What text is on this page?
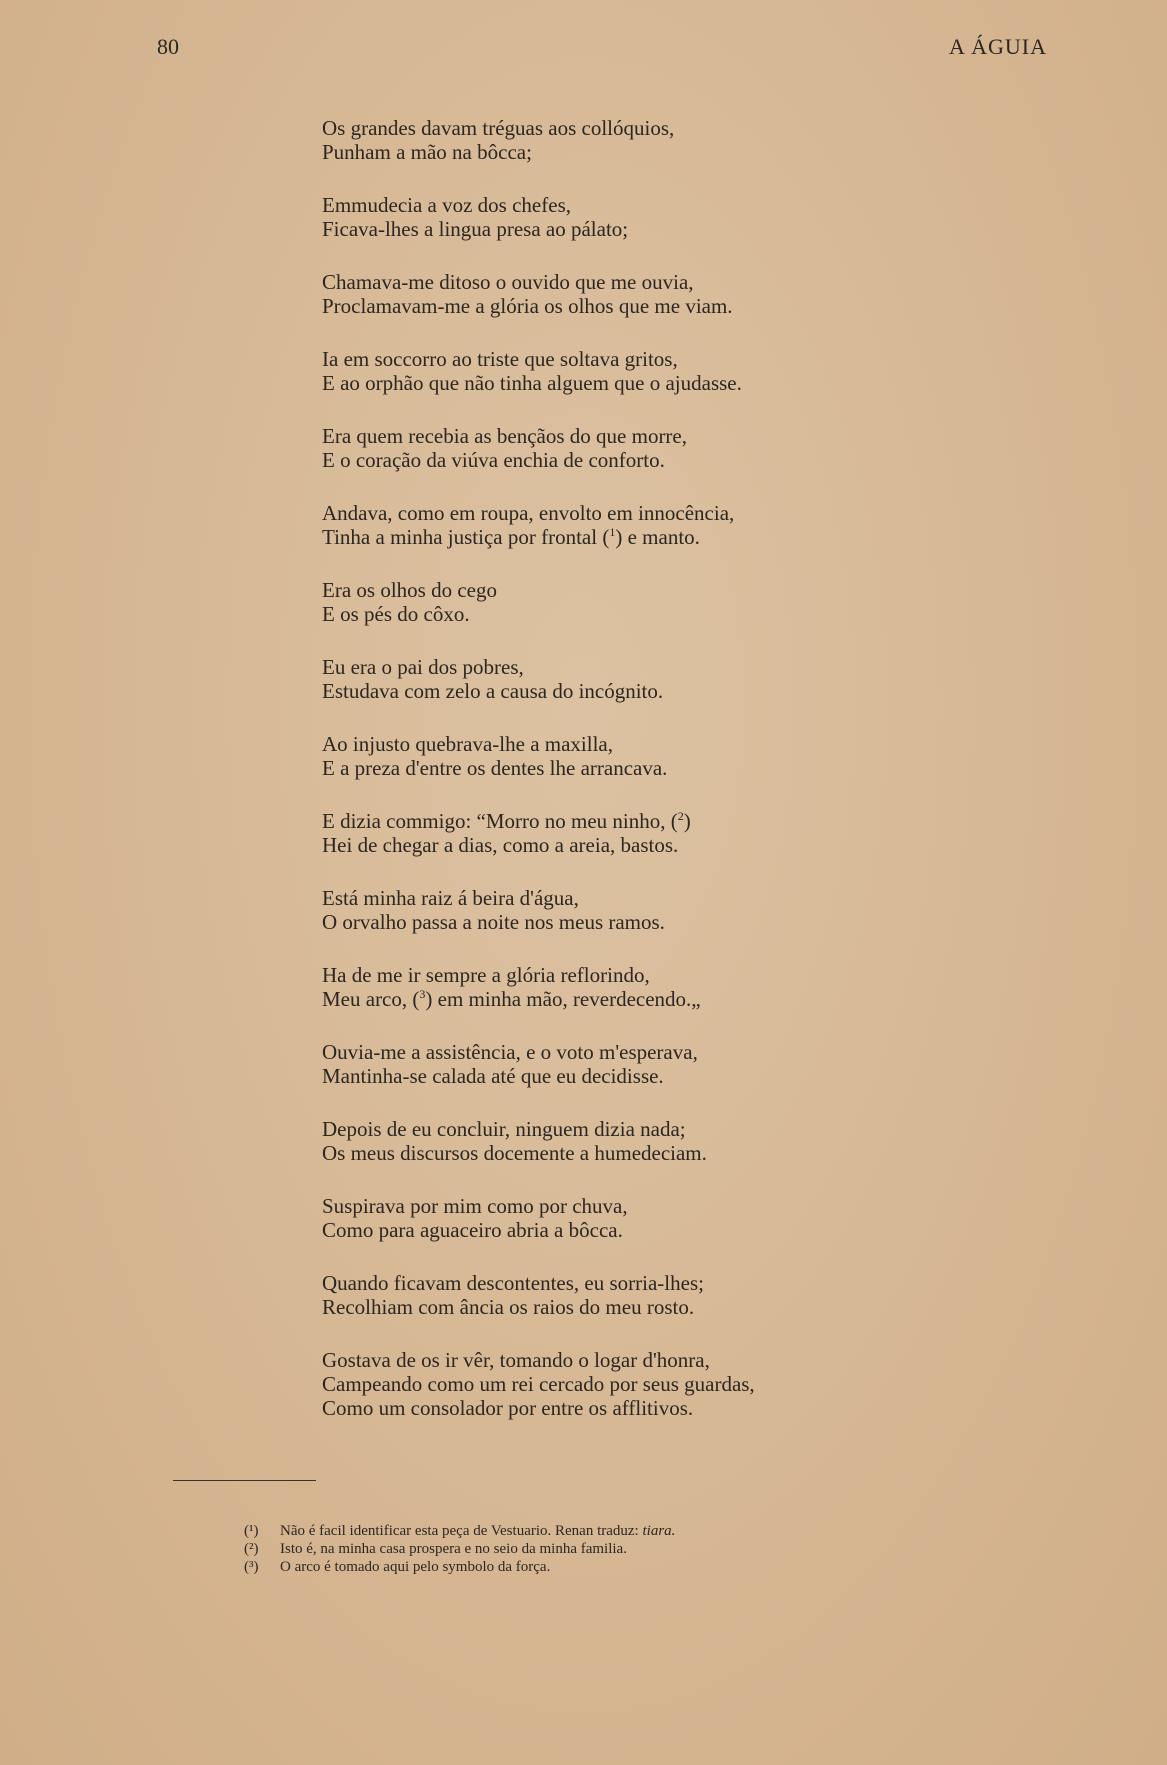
80	A ÁGUIA
Os grandes davam tréguas aos collóquios,
Punham a mão na bôcca;
Emmudecia a voz dos chefes,
Ficava-lhes a lingua presa ao pálato;
Chamava-me ditoso o ouvido que me ouvia,
Proclamavam-me a glória os olhos que me viam.
Ia em soccorro ao triste que soltava gritos,
E ao orphão que não tinha alguem que o ajudasse.
Era quem recebia as bençãos do que morre,
E o coração da viúva enchia de conforto.
Andava, como em roupa, envolto em innocência,
Tinha a minha justiça por frontal ($^1$) e manto.
Era os olhos do cego
E os pés do côxo.
Eu era o pai dos pobres,
Estudava com zelo a causa do incógnito.
Ao injusto quebrava-lhe a maxilla,
E a preza d'entre os dentes lhe arrancava.
E dizia commigo: “Morro no meu ninho, ($^2$)
Hei de chegar a dias, como a areia, bastos.
Está minha raiz á beira d'água,
O orvalho passa a noite nos meus ramos.
Ha de me ir sempre a glória reflorindo,
Meu arco, ($^3$) em minha mão, reverdecendo.„
Ouvia-me a assistência, e o voto m'esperava,
Mantinha-se calada até que eu decidisse.
Depois de eu concluir, ninguem dizia nada;
Os meus discursos docemente a humedeciam.
Suspirava por mim como por chuva,
Como para aguaceiro abria a bôcca.
Quando ficavam descontentes, eu sorria-lhes;
Recolhiam com ância os raios do meu rosto.
Gostava de os ir vêr, tomando o logar d'honra,
Campeando como um rei cercado por seus guardas,
Como um consolador por entre os afflitivos.
(¹) Não é facil identificar esta peça de Vestuario. Renan traduz: tiara.
(²) Isto é, na minha casa prospera e no seio da minha familia.
(³) O arco é tomado aqui pelo symbolo da força.
